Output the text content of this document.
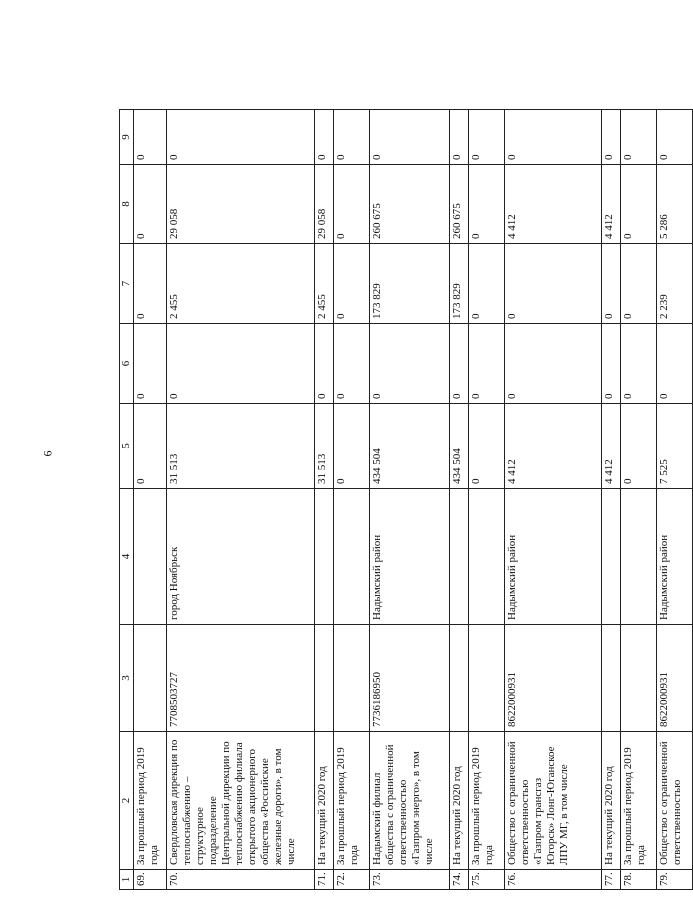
6
1	2	3	4	5	6	7	8	9
69.	За прошлый период 2019 года			0	0	0	0	0
70.	Свердловская дирекция по теплоснабжению – структурное подразделение Центральной дирекции по теплоснабжению филиала открытого акционерного общества «Российские железные дороги», в том числе	7708503727	город Ноябрьск	31 513	0	2 455	29 058	0
71.	На текущий 2020 год			31 513	0	2 455	29 058	0
72.	За прошлый период 2019 года			0	0	0	0	0
73.	Надымский филиал общества с ограниченной ответственностью «Газпром энерго», в том числе	7736186950	Надымский район	434 504	0	173 829	260 675	0
74.	На текущий 2020 год			434 504	0	173 829	260 675	0
75.	За прошлый период 2019 года			0	0	0	0	0
76.	Общество с ограниченной ответственностью «Газпром трансгаз Югорск» Лонг-Юганское ЛПУ МГ, в том числе	8622000931	Надымский район	4 412	0	0	4 412	0
77.	На текущий 2020 год			4 412	0	0	4 412	0
78.	За прошлый период 2019 года			0	0	0	0	0
79.	Общество с ограниченной ответственностью	8622000931	Надымский район	7 525	0	2 239	5 286	0
